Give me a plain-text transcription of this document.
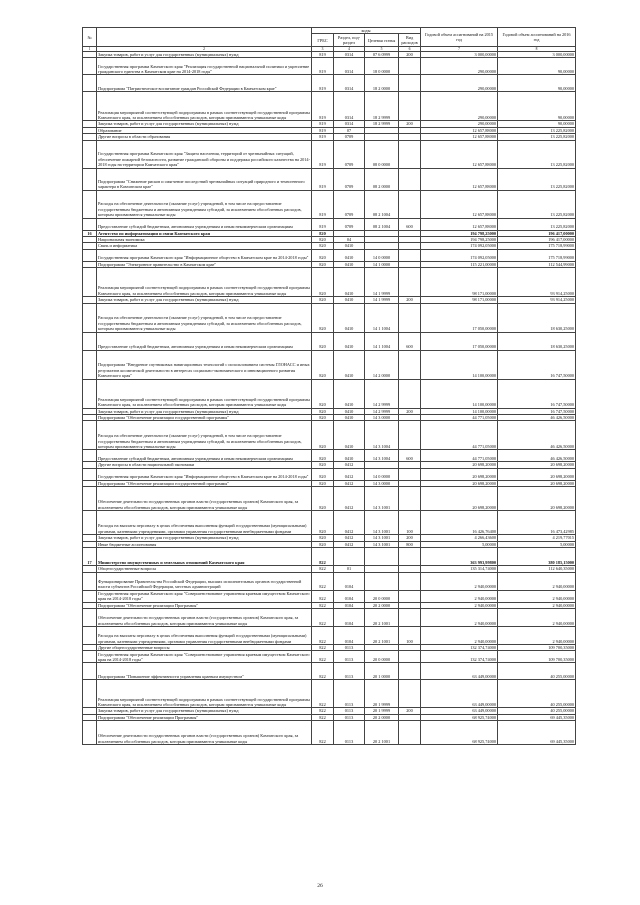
№		коды				Годовой объем ассигнований на 2015 год	Годовой объем ассигнований на 2016 год
		ГРБС	Раздел, под-раздел	Целевая статья	Вид расходов		
1	2	3	4	5	6	7	8
	Закупка товаров, работ и услуг для государственных (муниципальных) нужд	819	0314	07 6 0999	200	3 000,00000	3 000,00000
	Государственная программа Камчатского края "Реализация государственной национальной политики и укрепление гражданского единства в Камчатском крае на 2014-2018 годы"	819	0314	18 0 0000		290,00000	90,00000
	Подпрограмма "Патриотическое воспитание граждан Российской Федерации в Камчатском крае"	819	0314	18 2 0000		290,00000	90,00000
	Реализация мероприятий соответствующей подпрограммы в рамках соответствующей государственной программы Камчатского края, за исключением обособленных расходов, которым присваиваются уникальные коды	819	0314	18 2 9999		290,00000	90,00000
	Закупка товаров, работ и услуг для государственных (муниципальных) нужд	819	0314	18 2 9999	200	290,00000	90,00000
	Образование	819	07			12 657,88000	13 225,82000
	Другие вопросы в области образования	819	0709			12 657,88000	13 225,82000
	Государственная программа Камчатского края "Защита населения, территорий от чрезвычайных ситуаций, обеспечение пожарной безопасности, развитие гражданской обороны и поддержка российского казачества на 2014-2018 годы на территории Камчатского края"	819	0709	08 0 0000		12 657,88000	13 225,82000
	Подпрограмма "Снижение рисков и смягчение последствий чрезвычайных ситуаций природного и техногенного характера в Камчатском крае"	819	0709	08 2 0000		12 657,88000	13 225,82000
	Расходы на обеспечение деятельности (оказание услуг) учреждений, в том числе на предоставление государственным бюджетным и автономным учреждениям субсидий, за исключением обособленных расходов, которым присваиваются уникальные коды	819	0709	08 2 1004		12 657,88000	13 225,82000
	Предоставление субсидий бюджетным, автономным учреждениям и иным некоммерческим организациям	819	0709	08 2 1004	600	12 657,88000	13 225,82000
16	Агентство по информатизации и связи Камчатского края	820				194 798,25000	196 417,00000
	Национальная экономика	820	04			194 798,25000	196 417,00000
	Связь и информатика	820	0410			174 092,05000	175 718,99000
	Государственная программа Камчатского края "Информационное общество в Камчатском крае на 2014-2018 годы"	820	0410	14 0 0000		174 092,05000	175 718,99000
	Подпрограмма "Электронное правительство в Камчатском крае"	820	0410	14 1 0000		115 221,00000	112 544,99000
	Реализация мероприятий соответствующей подпрограммы в рамках соответствующей государственной программы Камчатского края, за исключением обособленных расходов, которым присваиваются уникальные коды	820	0410	14 1 9999		98 171,00000	93 914,25000
	Закупка товаров, работ и услуг для государственных (муниципальных) нужд	820	0410	14 1 9999	200	98 171,00000	93 914,25000
	Расходы на обеспечение деятельности (оказание услуг) учреждений, в том числе на предоставление государственным бюджетным и автономным учреждениям субсидий, за исключением обособленных расходов, которым присваиваются уникальные коды	820	0410	14 1 1004		17 050,00000	18 630,25000
	Предоставление субсидий бюджетным, автономным учреждениям и иным некоммерческим организациям	820	0410	14 1 1004	600	17 050,00000	18 630,25000
	Подпрограмма "Внедрение спутниковых навигационных технологий с использованием системы ГЛОНАСС и иных результатов космической деятельности в интересах социально-экономического и инновационного развития Камчатского края"	820	0410	14 2 0000		14 100,00000	16 747,50000
	Реализация мероприятий соответствующей подпрограммы в рамках соответствующей государственной программы Камчатского края, за исключением обособленных расходов, которым присваиваются уникальные коды	820	0410	14 2 9999		14 100,00000	16 747,50000
	Закупка товаров, работ и услуг для государственных (муниципальных) нужд	820	0410	14 2 9999	200	14 100,00000	16 747,50000
	Подпрограмма "Обеспечение реализации государственной программы"	820	0410	14 3 0000		44 771,05000	46 426,50000
	Расходы на обеспечение деятельности (оказание услуг) учреждений, в том числе на предоставление государственным бюджетным и автономным учреждениям субсидий, за исключением обособленных расходов, которым присваиваются уникальные коды	820	0410	14 3 1004		44 771,05000	46 426,50000
	Предоставление субсидий бюджетным, автономным учреждениям и иным некоммерческим организациям	820	0410	14 3 1004	600	44 771,05000	46 426,50000
	Другие вопросы в области национальной экономики	820	0412			20 698,20000	20 698,20000
	Государственная программа Камчатского края "Информационное общество в Камчатском крае на 2014-2018 годы"	820	0412	14 0 0000		20 698,20000	20 698,20000
	Подпрограмма "Обеспечение реализации государственной программы"	820	0412	14 3 0000		20 698,20000	20 698,20000
	Обеспечение деятельности государственных органов власти (государственных органов) Камчатского края, за исключением обособленных расходов, которым присваиваются уникальные коды	820	0412	14 3 1001		20 698,20000	20 698,20000
	Расходы на выплаты персоналу в целях обеспечения выполнения функций государственными (муниципальными) органами, казенными учреждениями, органами управления государственными внебюджетными фондами	820	0412	14 3 1001	100	16 426,76400	16 473,42985
	Закупка товаров, работ и услуг для государственных (муниципальных) нужд	820	0412	14 3 1001	200	4 266,43600	4 219,77015
	Иные бюджетные ассигнования	820	0412	14 3 1001	800	5,00000	5,00000
17	Министерство имущественных и земельных отношений Камчатского края	822				363 993,99800	380 185,15000
	Общегосударственные вопросы	822	01			135 314,74000	112 640,35000
	Функционирование Правительства Российской Федерации, высших исполнительных органов государственной власти субъектов Российской Федерации, местных администраций	822	0104			2 940,00000	2 940,00000
	Государственная программа Камчатского края "Совершенствование управления краевым имуществом Камчатского края на 2014-2018 годы"	822	0104	20 0 0000		2 940,00000	2 940,00000
	Подпрограмма "Обеспечение реализации Программы"	822	0104	20 2 0000		2 940,00000	2 940,00000
	Обеспечение деятельности государственных органов власти (государственных органов) Камчатского края, за исключением обособленных расходов, которым присваиваются уникальные коды	822	0104	20 2 1001		2 940,00000	2 940,00000
	Расходы на выплаты персоналу в целях обеспечения выполнения функций государственными (муниципальными) органами, казенными учреждениями, органами управления государственными внебюджетными фондами	822	0104	20 2 1001	100	2 940,00000	2 940,00000
	Другие общегосударственные вопросы	822	0113			132 374,74000	109 700,35000
	Государственная программа Камчатского края "Совершенствование управления краевым имуществом Камчатского края на 2014-2018 годы"	822	0113	20 0 0000		132 374,74000	109 700,35000
	Подпрограмма "Повышение эффективности управления краевым имуществом"	822	0113	20 1 0000		63 449,00000	40 255,00000
	Реализация мероприятий соответствующей подпрограммы в рамках соответствующей государственной программы Камчатского края, за исключением обособленных расходов, которым присваиваются уникальные коды	822	0113	20 1 9999		63 449,00000	40 255,00000
	Закупка товаров, работ и услуг для государственных (муниципальных) нужд	822	0113	20 1 9999	200	63 449,00000	40 255,00000
	Подпрограмма "Обеспечение реализации Программы"	822	0113	20 2 0000		68 925,74000	69 445,35000
	Обеспечение деятельности государственных органов власти (государственных органов) Камчатского края, за исключением обособленных расходов, которым присваиваются уникальные коды	822	0113	20 2 1001		68 925,74000	69 445,35000
26
